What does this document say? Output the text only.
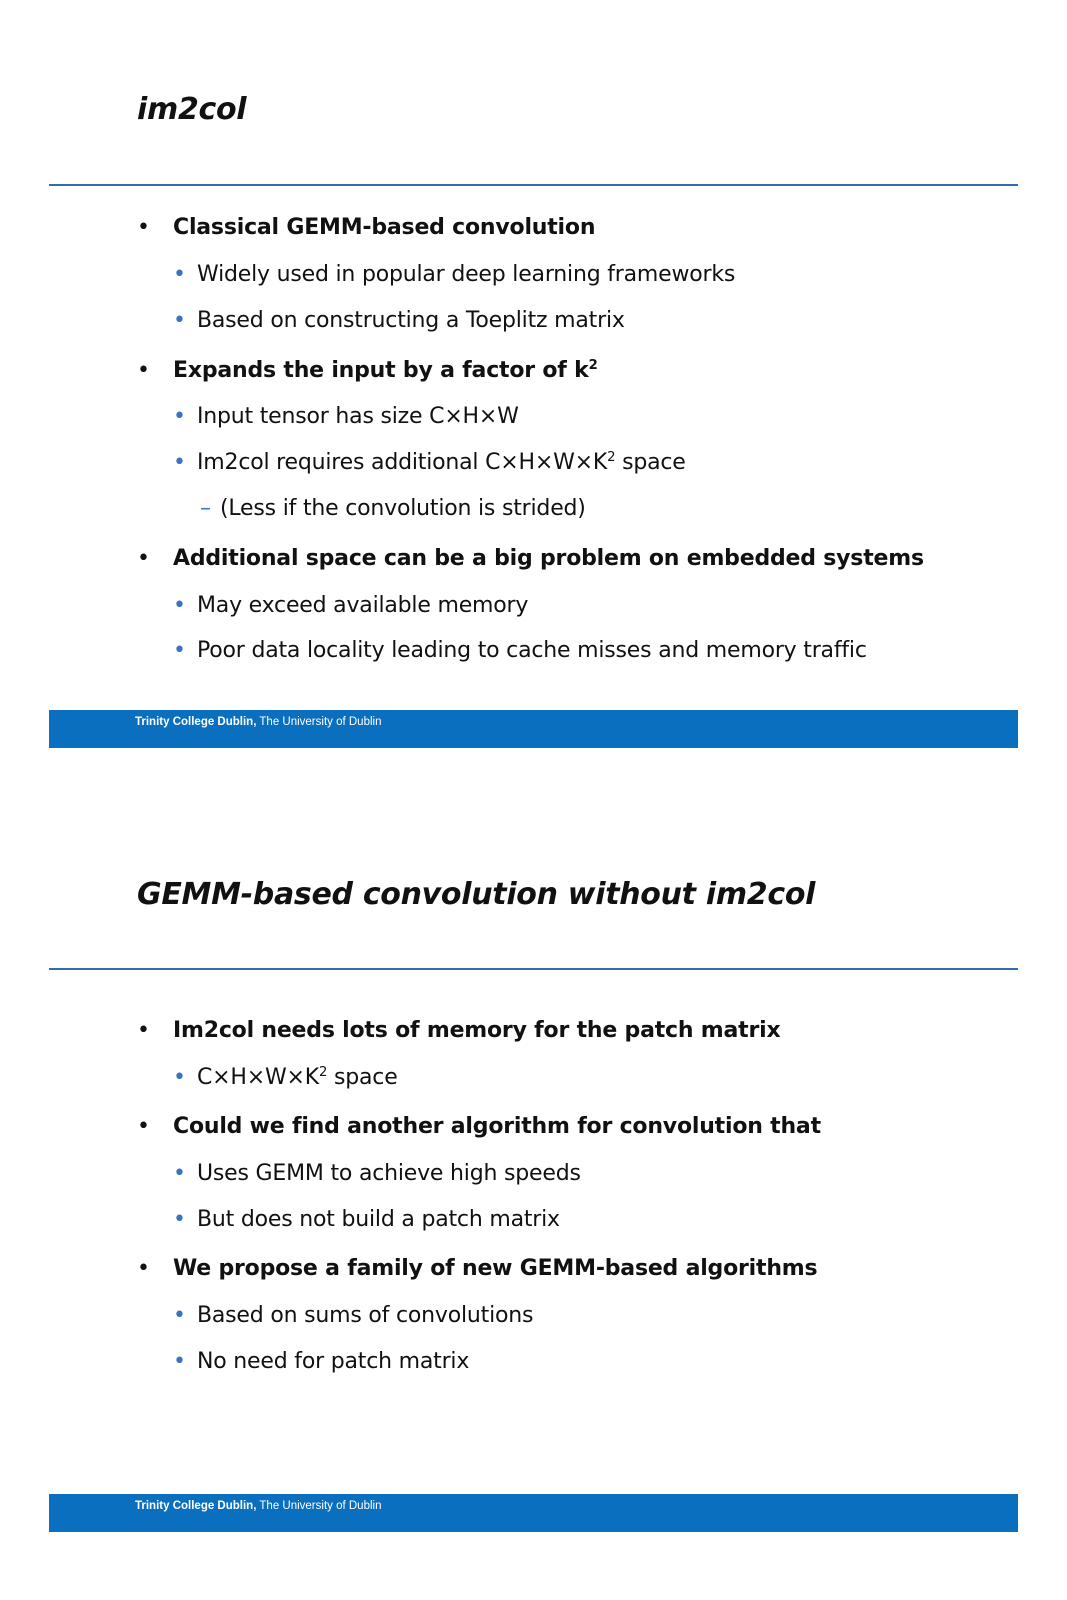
im2col
• Classical GEMM-based convolution
• Widely used in popular deep learning frameworks
• Based on constructing a Toeplitz matrix
• Expands the input by a factor of $k^2$
• Input tensor has size C×H×W
• Im2col requires additional $C\times H\times W\times K^2$ space
– (Less if the convolution is strided)
• Additional space can be a big problem on embedded systems
• May exceed available memory
• Poor data locality leading to cache misses and memory traffic
Trinity College Dublin, The University of Dublin
GEMM-based convolution without im2col
• Im2col needs lots of memory for the patch matrix
• $C\times H\times W\times K^2$ space
• Could we find another algorithm for convolution that
• Uses GEMM to achieve high speeds
• But does not build a patch matrix
• We propose a family of new GEMM-based algorithms
• Based on sums of convolutions
• No need for patch matrix
Trinity College Dublin, The University of Dublin
